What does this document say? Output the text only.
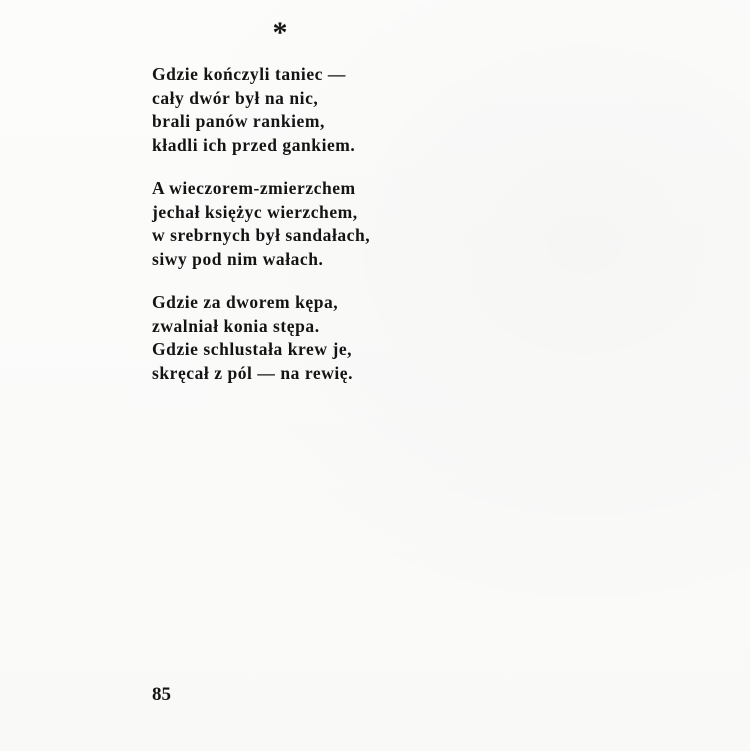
*
Gdzie kończyli taniec —
cały dwór był na nic,
brali panów rankiem,
kładli ich przed gankiem.
A wieczorem-zmierzchem
jechał księżyc wierzchem,
w srebrnych był sandałach,
siwy pod nim wałach.
Gdzie za dworem kępa,
zwalniał konia stępa.
Gdzie schlustała krew je,
skręcał z pól — na rewię.
85
